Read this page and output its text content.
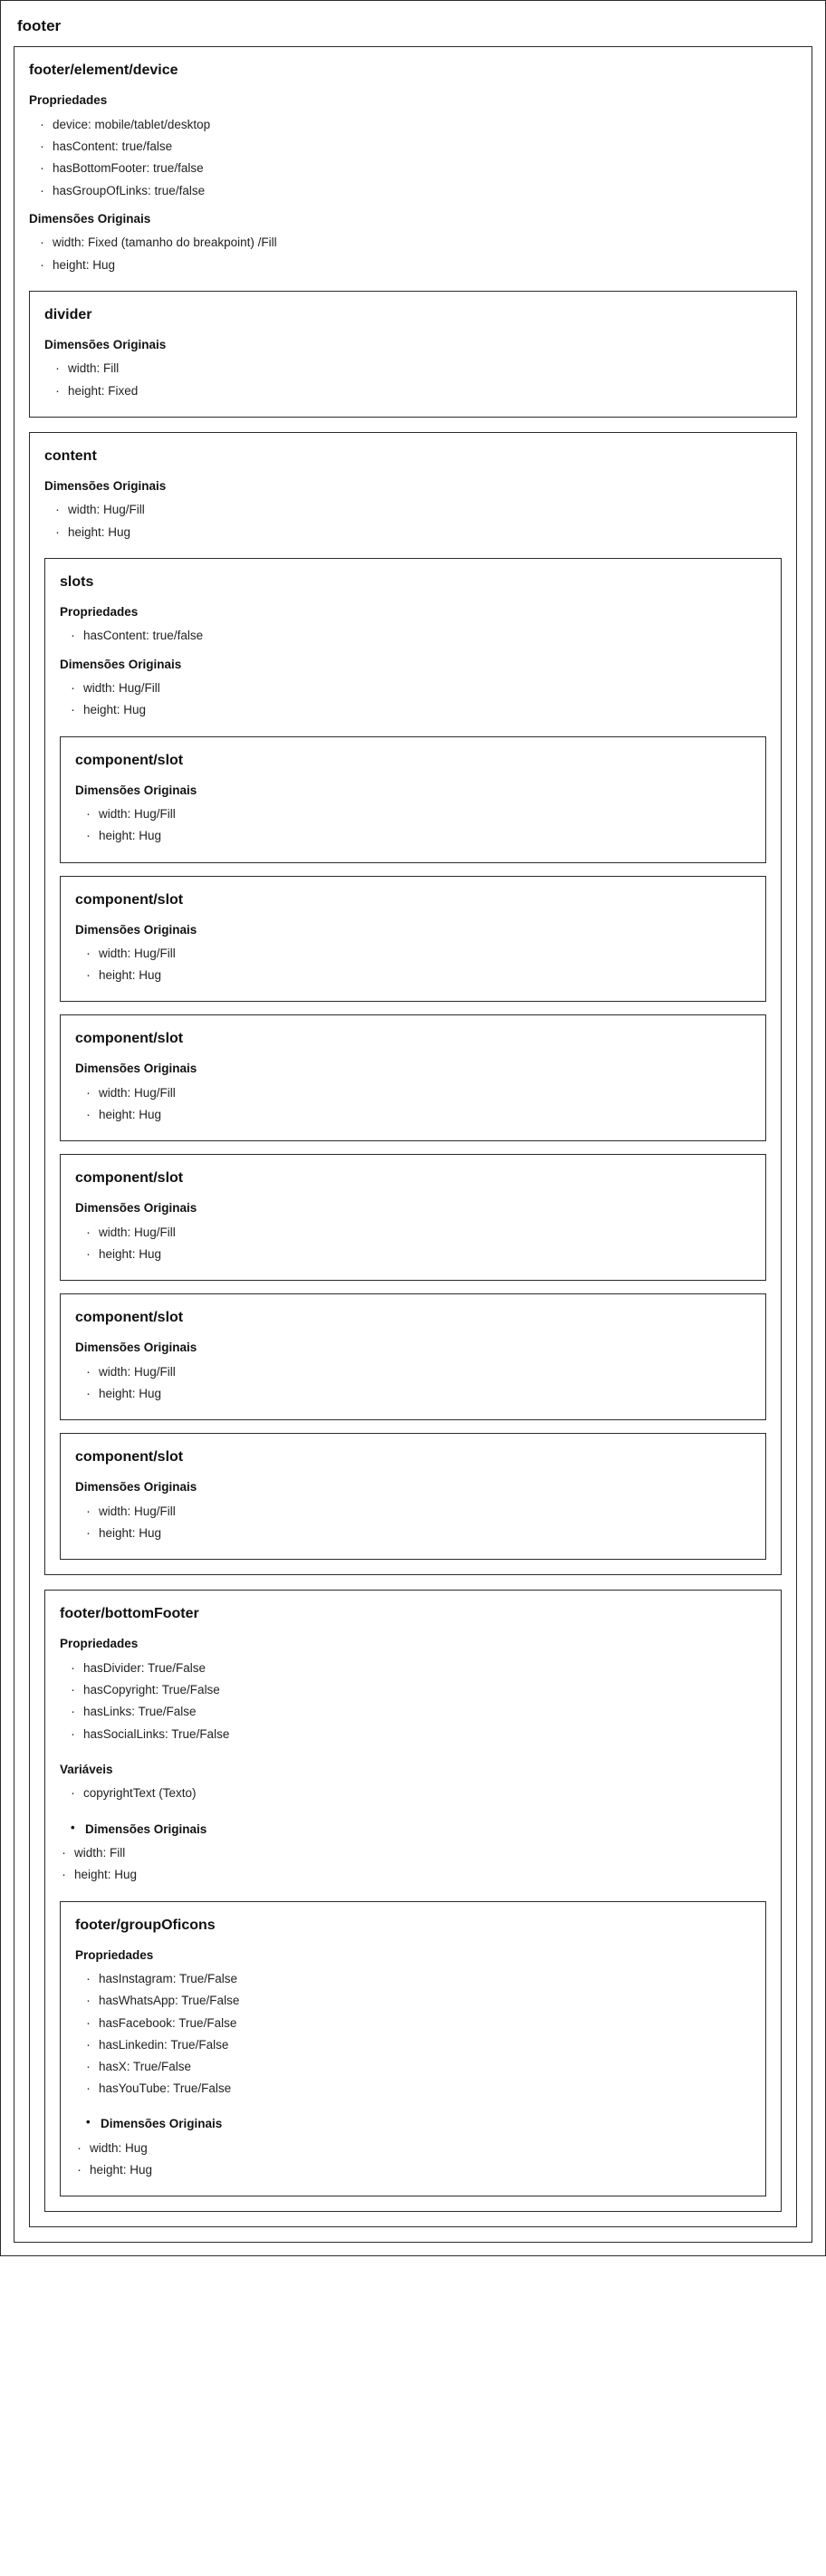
footer
footer/element/device
Propriedades
· device: mobile/tablet/desktop
· hasContent: true/false
· hasBottomFooter: true/false
· hasGroupOfLinks: true/false
Dimensões Originais
· width: Fixed (tamanho do breakpoint) /Fill
· height: Hug
divider
Dimensões Originais
· width: Fill
· height: Fixed
content
Dimensões Originais
· width: Hug/Fill
· height: Hug
slots
Propriedades
· hasContent: true/false
Dimensões Originais
· width: Hug/Fill
· height: Hug
component/slot
Dimensões Originais
· width: Hug/Fill
· height: Hug
component/slot
Dimensões Originais
· width: Hug/Fill
· height: Hug
component/slot
Dimensões Originais
· width: Hug/Fill
· height: Hug
component/slot
Dimensões Originais
· width: Hug/Fill
· height: Hug
component/slot
Dimensões Originais
· width: Hug/Fill
· height: Hug
component/slot
Dimensões Originais
· width: Hug/Fill
· height: Hug
footer/bottomFooter
Propriedades
· hasDivider: True/False
· hasCopyright: True/False
· hasLinks: True/False
· hasSocialLinks: True/False
Variáveis
· copyrightText (Texto)
• Dimensões Originais
· width: Fill
· height: Hug
footer/groupOficons
Propriedades
· hasInstagram: True/False
· hasWhatsApp: True/False
· hasFacebook: True/False
· hasLinkedin: True/False
· hasX: True/False
· hasYouTube: True/False
• Dimensões Originais
· width: Hug
· height: Hug
